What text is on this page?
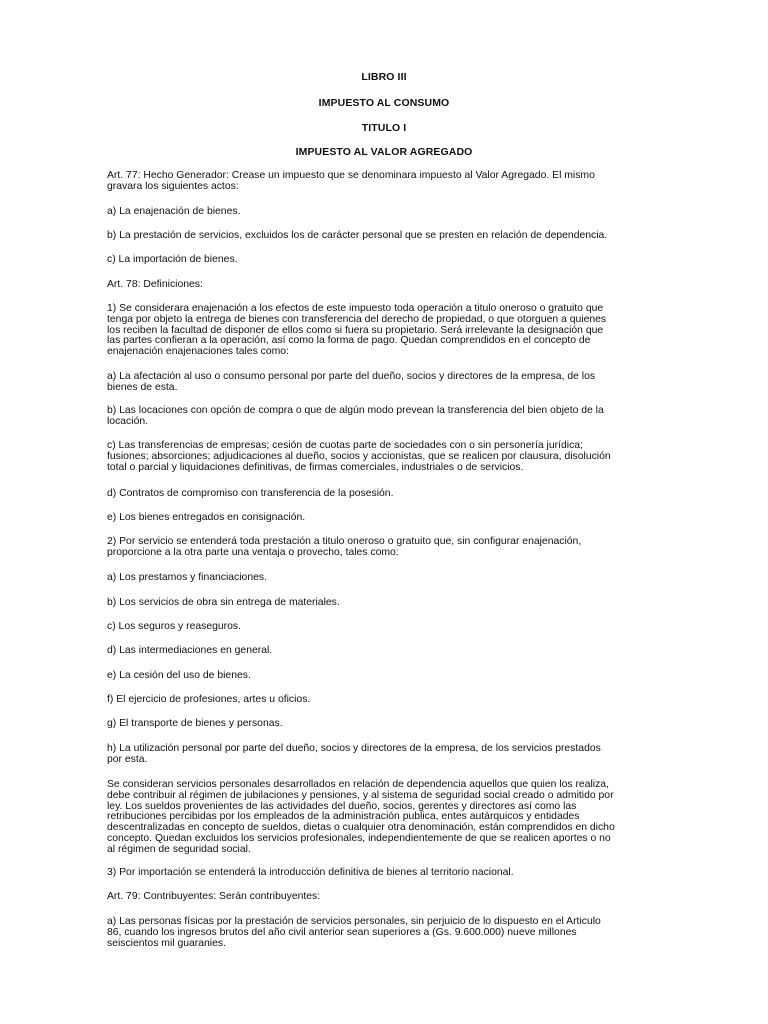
LIBRO III
IMPUESTO AL CONSUMO
TITULO I
IMPUESTO AL VALOR AGREGADO

Art. 77: Hecho Generador: Crease un impuesto que se denominara impuesto al Valor Agregado. El mismo
gravara los siguientes actos:

a) La enajenación de bienes.

b) La prestación de servicios, excluidos los de carácter personal que se presten en relación de dependencia.

c) La importación de bienes.

Art. 78: Definiciones:

1) Se considerara enajenación a los efectos de este impuesto toda operación a titulo oneroso o gratuito que
tenga por objeto la entrega de bienes con transferencia del derecho de propiedad, o que otorguen a quienes
los reciben la facultad de disponer de ellos como si fuera su propietario. Será irrelevante la designación que
las partes confieran a la operación, así como la forma de pago. Quedan comprendidos en el concepto de
enajenación enajenaciones tales como:

a) La afectación al uso o consumo personal por parte del dueño, socios y directores de la empresa, de los
bienes de esta.

b) Las locaciones con opción de compra o que de algún modo prevean la transferencia del bien objeto de la
locación.

c) Las transferencias de empresas; cesión de cuotas parte de sociedades con o sin personería jurídica;
fusiones; absorciones; adjudicaciones al dueño, socios y accionistas, que se realicen por clausura, disolución
total o parcial y liquidaciones definitivas, de firmas comerciales, industriales o de servicios.

d) Contratos de compromiso con transferencia de la posesión.

e) Los bienes entregados en consignación.

2) Por servicio se entenderá toda prestación a titulo oneroso o gratuito que, sin configurar enajenación,
proporcione a la otra parte una ventaja o provecho, tales como:

a) Los prestamos y financiaciones.

b) Los servicios de obra sin entrega de materiales.

c) Los seguros y reaseguros.

d) Las intermediaciones en general.

e) La cesión del uso de bienes.

f) El ejercicio de profesiones, artes u oficios.

g) El transporte de bienes y personas.

h) La utilización personal por parte del dueño, socios y directores de la empresa, de los servicios prestados
por esta.

Se consideran servicios personales desarrollados en relación de dependencia aquellos que quien los realiza,
debe contribuir al régimen de jubilaciones y pensiones, y al sistema de seguridad social creado o admitido por
ley. Los sueldos provenientes de las actividades del dueño, socios, gerentes y directores así como las
retribuciones percibidas por los empleados de la administración publica, entes autárquicos y entidades
descentralizadas en concepto de sueldos, dietas o cualquier otra denominación, están comprendidos en dicho
concepto. Quedan excluidos los servicios profesionales, independientemente de que se realicen aportes o no
al régimen de seguridad social.

3) Por importación se entenderá la introducción definitiva de bienes al territorio nacional.

Art. 79: Contribuyentes: Serán contribuyentes:

a) Las personas físicas por la prestación de servicios personales, sin perjuicio de lo dispuesto en el Articulo
86, cuando los ingresos brutos del año civil anterior sean superiores a (Gs. 9.600.000) nueve millones
seiscientos mil guaranies.
